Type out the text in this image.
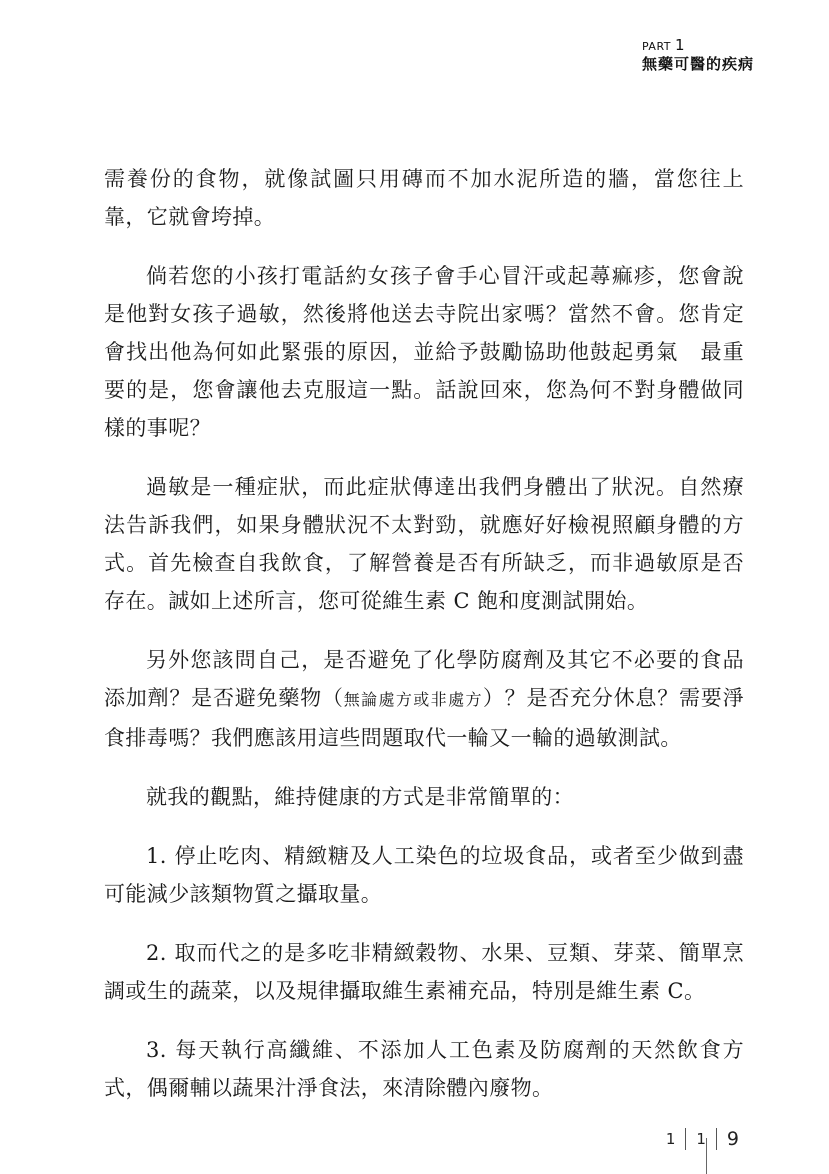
PART 1
無藥可醫的疾病

需養份的食物，就像試圖只用磚而不加水泥所造的牆，當您往上靠，它就會垮掉。

倘若您的小孩打電話約女孩子會手心冒汗或起蕁痲疹，您會說是他對女孩子過敏，然後將他送去寺院出家嗎？當然不會。您肯定會找出他為何如此緊張的原因，並給予鼓勵協助他鼓起勇氣　最重要的是，您會讓他去克服這一點。話說回來，您為何不對身體做同樣的事呢？

過敏是一種症狀，而此症狀傳達出我們身體出了狀況。自然療法告訴我們，如果身體狀況不太對勁，就應好好檢視照顧身體的方式。首先檢查自我飲食，了解營養是否有所缺乏，而非過敏原是否存在。誠如上述所言，您可從維生素 C 飽和度測試開始。

另外您該問自己，是否避免了化學防腐劑及其它不必要的食品添加劑？是否避免藥物（無論處方或非處方）？是否充分休息？需要淨食排毒嗎？我們應該用這些問題取代一輪又一輪的過敏測試。

就我的觀點，維持健康的方式是非常簡單的：

1. 停止吃肉、精緻糖及人工染色的垃圾食品，或者至少做到盡可能減少該類物質之攝取量。

2. 取而代之的是多吃非精緻穀物、水果、豆類、芽菜、簡單烹調或生的蔬菜，以及規律攝取維生素補充品，特別是維生素 C。

3. 每天執行高纖維、不添加人工色素及防腐劑的天然飲食方式，偶爾輔以蔬果汁淨食法，來清除體內廢物。

1	1	9
